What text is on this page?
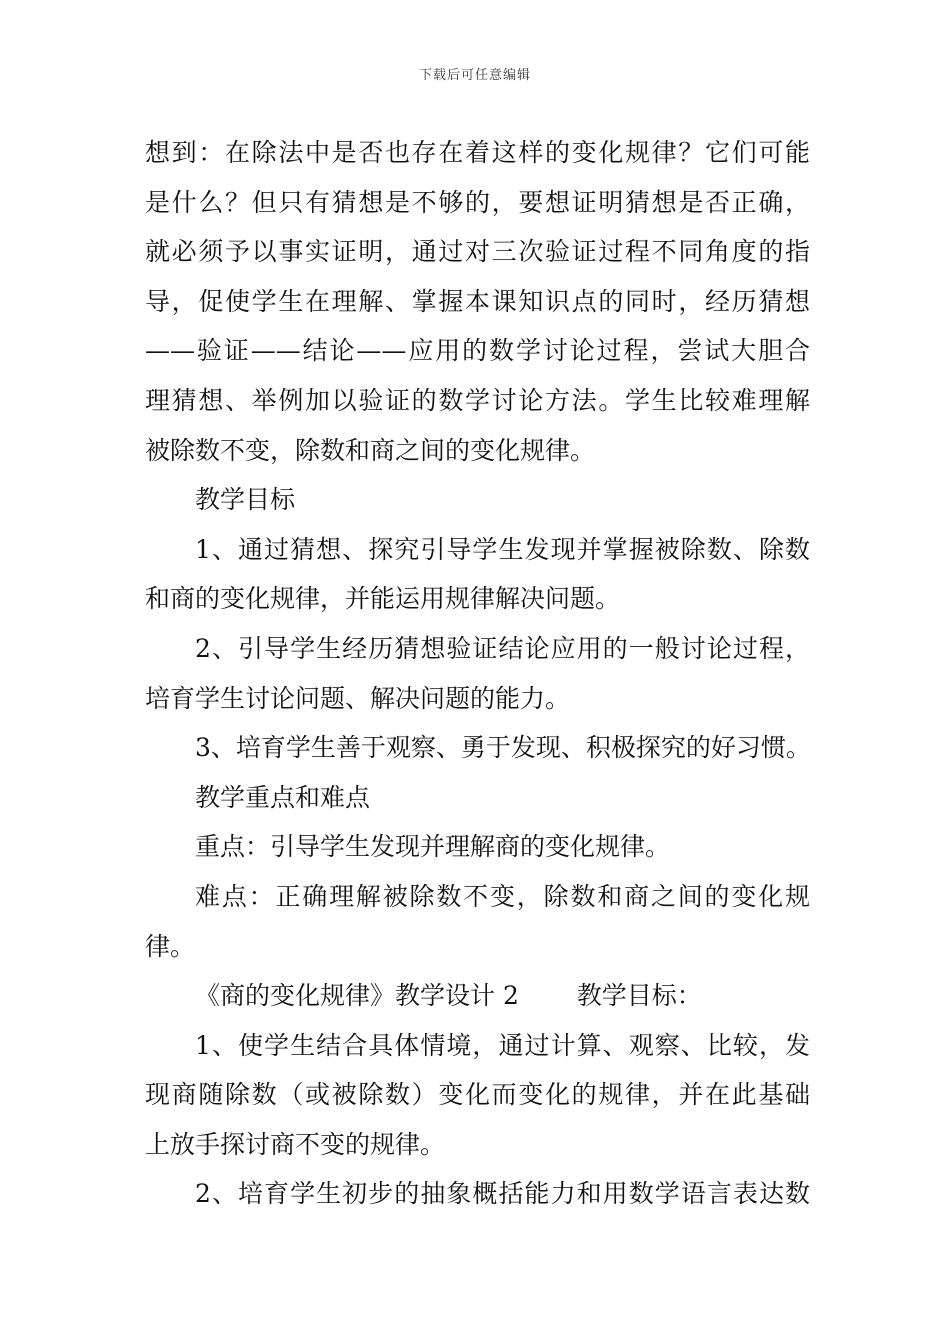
下载后可任意编辑
想到：在除法中是否也存在着这样的变化规律？它们可能
是什么？但只有猜想是不够的，要想证明猜想是否正确，
就必须予以事实证明，通过对三次验证过程不同角度的指
导，促使学生在理解、掌握本课知识点的同时，经历猜想
——验证——结论——应用的数学讨论过程，尝试大胆合
理猜想、举例加以验证的数学讨论方法。学生比较难理解
被除数不变，除数和商之间的变化规律。
教学目标
1、通过猜想、探究引导学生发现并掌握被除数、除数
和商的变化规律，并能运用规律解决问题。
2、引导学生经历猜想验证结论应用的一般讨论过程，
培育学生讨论问题、解决问题的能力。
3、培育学生善于观察、勇于发现、积极探究的好习惯。
教学重点和难点
重点：引导学生发现并理解商的变化规律。
难点：正确理解被除数不变，除数和商之间的变化规
律。
《商的变化规律》教学设计 2　　 教学目标：
1、使学生结合具体情境，通过计算、观察、比较，发
现商随除数（或被除数）变化而变化的规律，并在此基础
上放手探讨商不变的规律。
2、培育学生初步的抽象概括能力和用数学语言表达数
